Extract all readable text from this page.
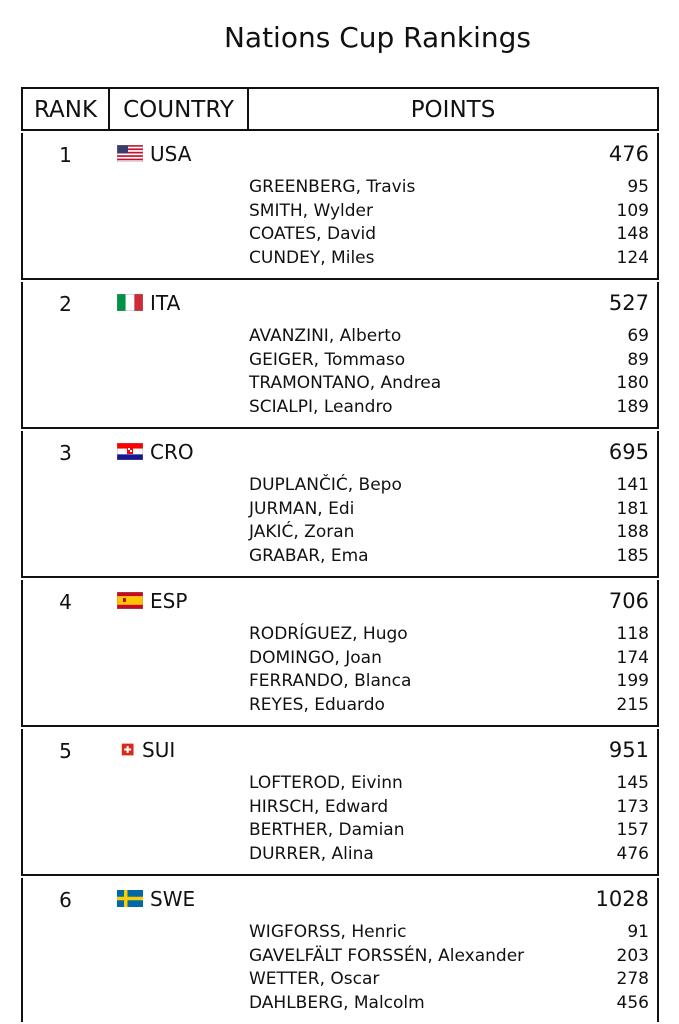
Nations Cup Rankings
RANK	COUNTRY	POINTS
1	USA	476
GREENBERG, Travis	95
SMITH, Wylder	109
COATES, David	148
CUNDEY, Miles	124
2	ITA	527
AVANZINI, Alberto	69
GEIGER, Tommaso	89
TRAMONTANO, Andrea	180
SCIALPI, Leandro	189
3	CRO	695
DUPLANČIĆ, Bepo	141
JURMAN, Edi	181
JAKIĆ, Zoran	188
GRABAR, Ema	185
4	ESP	706
RODRÍGUEZ, Hugo	118
DOMINGO, Joan	174
FERRANDO, Blanca	199
REYES, Eduardo	215
5	SUI	951
LOFTEROD, Eivinn	145
HIRSCH, Edward	173
BERTHER, Damian	157
DURRER, Alina	476
6	SWE	1028
WIGFORSS, Henric	91
GAVELFÄLT FORSSÉN, Alexander	203
WETTER, Oscar	278
DAHLBERG, Malcolm	456
